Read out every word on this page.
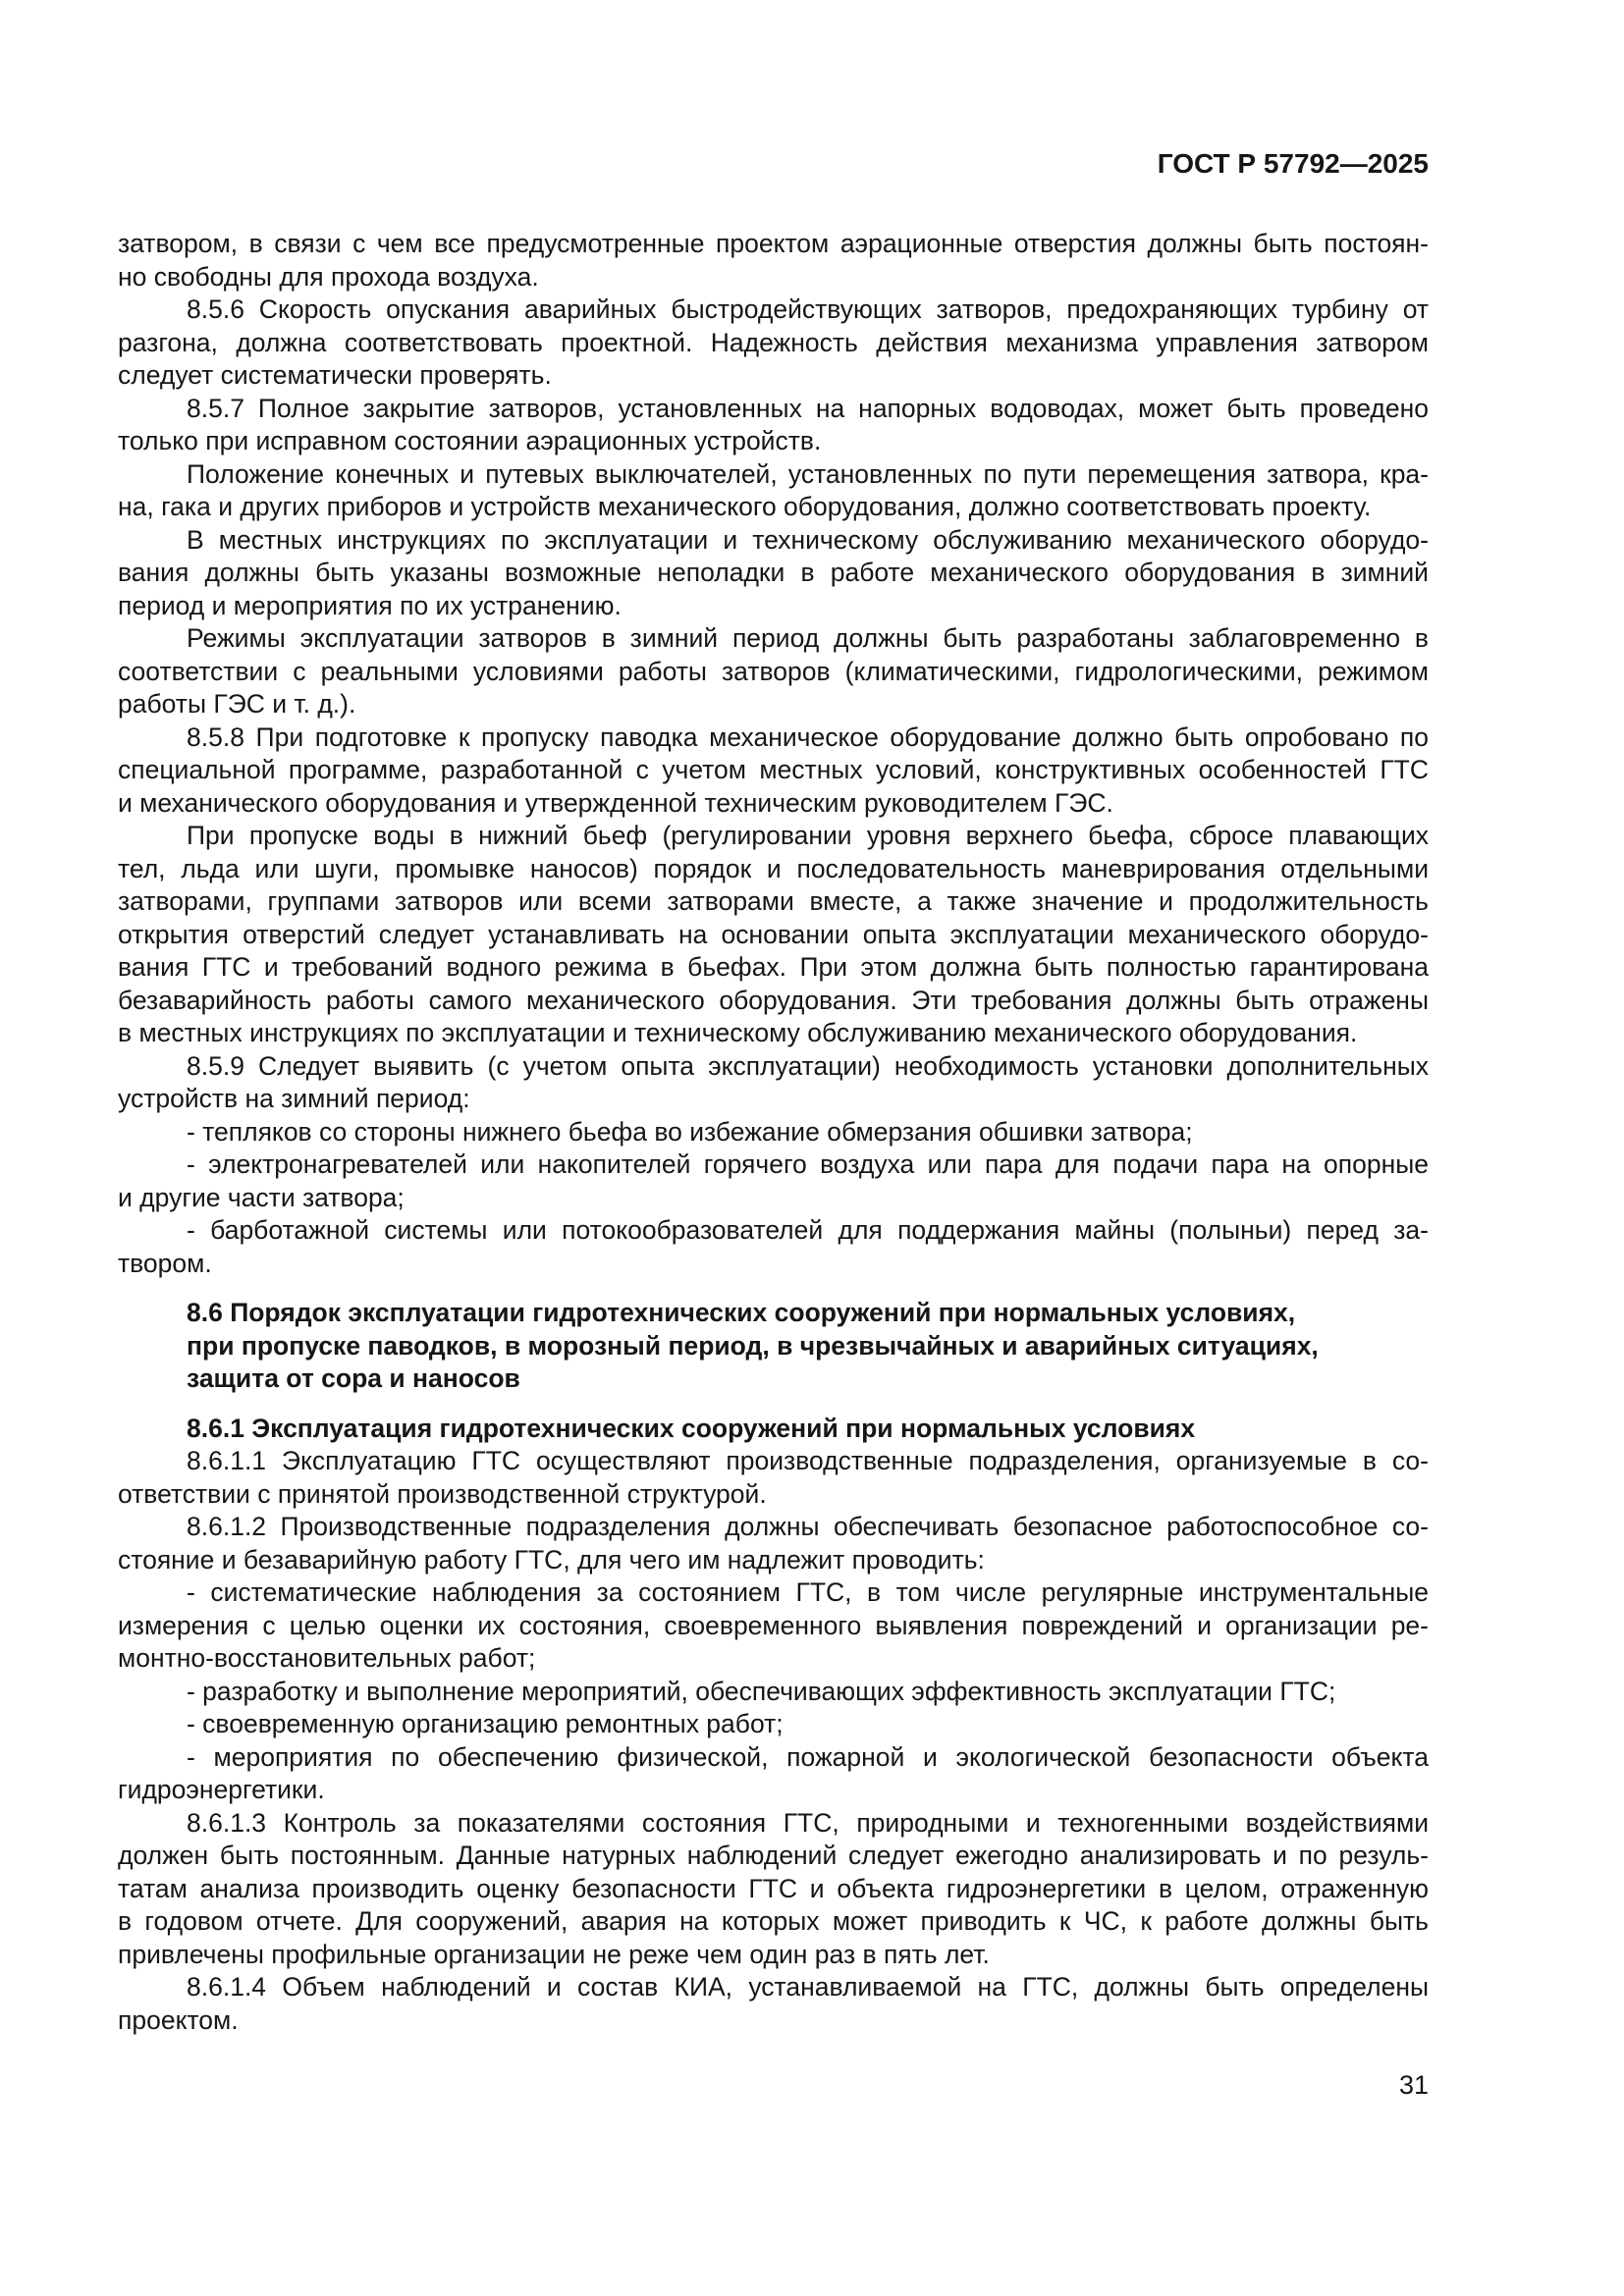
ГОСТ Р 57792—2025
затвором, в связи с чем все предусмотренные проектом аэрационные отверстия должны быть постоян-
но свободны для прохода воздуха.
8.5.6 Скорость опускания аварийных быстродействующих затворов, предохраняющих турбину от
разгона, должна соответствовать проектной. Надежность действия механизма управления затвором
следует систематически проверять.
8.5.7 Полное закрытие затворов, установленных на напорных водоводах, может быть проведено
только при исправном состоянии аэрационных устройств.
Положение конечных и путевых выключателей, установленных по пути перемещения затвора, кра-
на, гака и других приборов и устройств механического оборудования, должно соответствовать проекту.
В местных инструкциях по эксплуатации и техническому обслуживанию механического оборудо-
вания должны быть указаны возможные неполадки в работе механического оборудования в зимний
период и мероприятия по их устранению.
Режимы эксплуатации затворов в зимний период должны быть разработаны заблаговременно в
соответствии с реальными условиями работы затворов (климатическими, гидрологическими, режимом
работы ГЭС и т. д.).
8.5.8 При подготовке к пропуску паводка механическое оборудование должно быть опробовано по
специальной программе, разработанной с учетом местных условий, конструктивных особенностей ГТС
и механического оборудования и утвержденной техническим руководителем ГЭС.
При пропуске воды в нижний бьеф (регулировании уровня верхнего бьефа, сбросе плавающих
тел, льда или шуги, промывке наносов) порядок и последовательность маневрирования отдельными
затворами, группами затворов или всеми затворами вместе, а также значение и продолжительность
открытия отверстий следует устанавливать на основании опыта эксплуатации механического оборудо-
вания ГТС и требований водного режима в бьефах. При этом должна быть полностью гарантирована
безаварийность работы самого механического оборудования. Эти требования должны быть отражены
в местных инструкциях по эксплуатации и техническому обслуживанию механического оборудования.
8.5.9 Следует выявить (с учетом опыта эксплуатации) необходимость установки дополнительных
устройств на зимний период:
- тепляков со стороны нижнего бьефа во избежание обмерзания обшивки затвора;
- электронагревателей или накопителей горячего воздуха или пара для подачи пара на опорные
и другие части затвора;
- барботажной системы или потокообразователей для поддержания майны (полыньи) перед за-
твором.
8.6 Порядок эксплуатации гидротехнических сооружений при нормальных условиях,
при пропуске паводков, в морозный период, в чрезвычайных и аварийных ситуациях,
защита от сора и наносов
8.6.1 Эксплуатация гидротехнических сооружений при нормальных условиях
8.6.1.1 Эксплуатацию ГТС осуществляют производственные подразделения, организуемые в со-
ответствии с принятой производственной структурой.
8.6.1.2 Производственные подразделения должны обеспечивать безопасное работоспособное со-
стояние и безаварийную работу ГТС, для чего им надлежит проводить:
- систематические наблюдения за состоянием ГТС, в том числе регулярные инструментальные
измерения с целью оценки их состояния, своевременного выявления повреждений и организации ре-
монтно-восстановительных работ;
- разработку и выполнение мероприятий, обеспечивающих эффективность эксплуатации ГТС;
- своевременную организацию ремонтных работ;
- мероприятия по обеспечению физической, пожарной и экологической безопасности объекта
гидроэнергетики.
8.6.1.3 Контроль за показателями состояния ГТС, природными и техногенными воздействиями
должен быть постоянным. Данные натурных наблюдений следует ежегодно анализировать и по резуль-
татам анализа производить оценку безопасности ГТС и объекта гидроэнергетики в целом, отраженную
в годовом отчете. Для сооружений, авария на которых может приводить к ЧС, к работе должны быть
привлечены профильные организации не реже чем один раз в пять лет.
8.6.1.4 Объем наблюдений и состав КИА, устанавливаемой на ГТС, должны быть определены
проектом.
31
